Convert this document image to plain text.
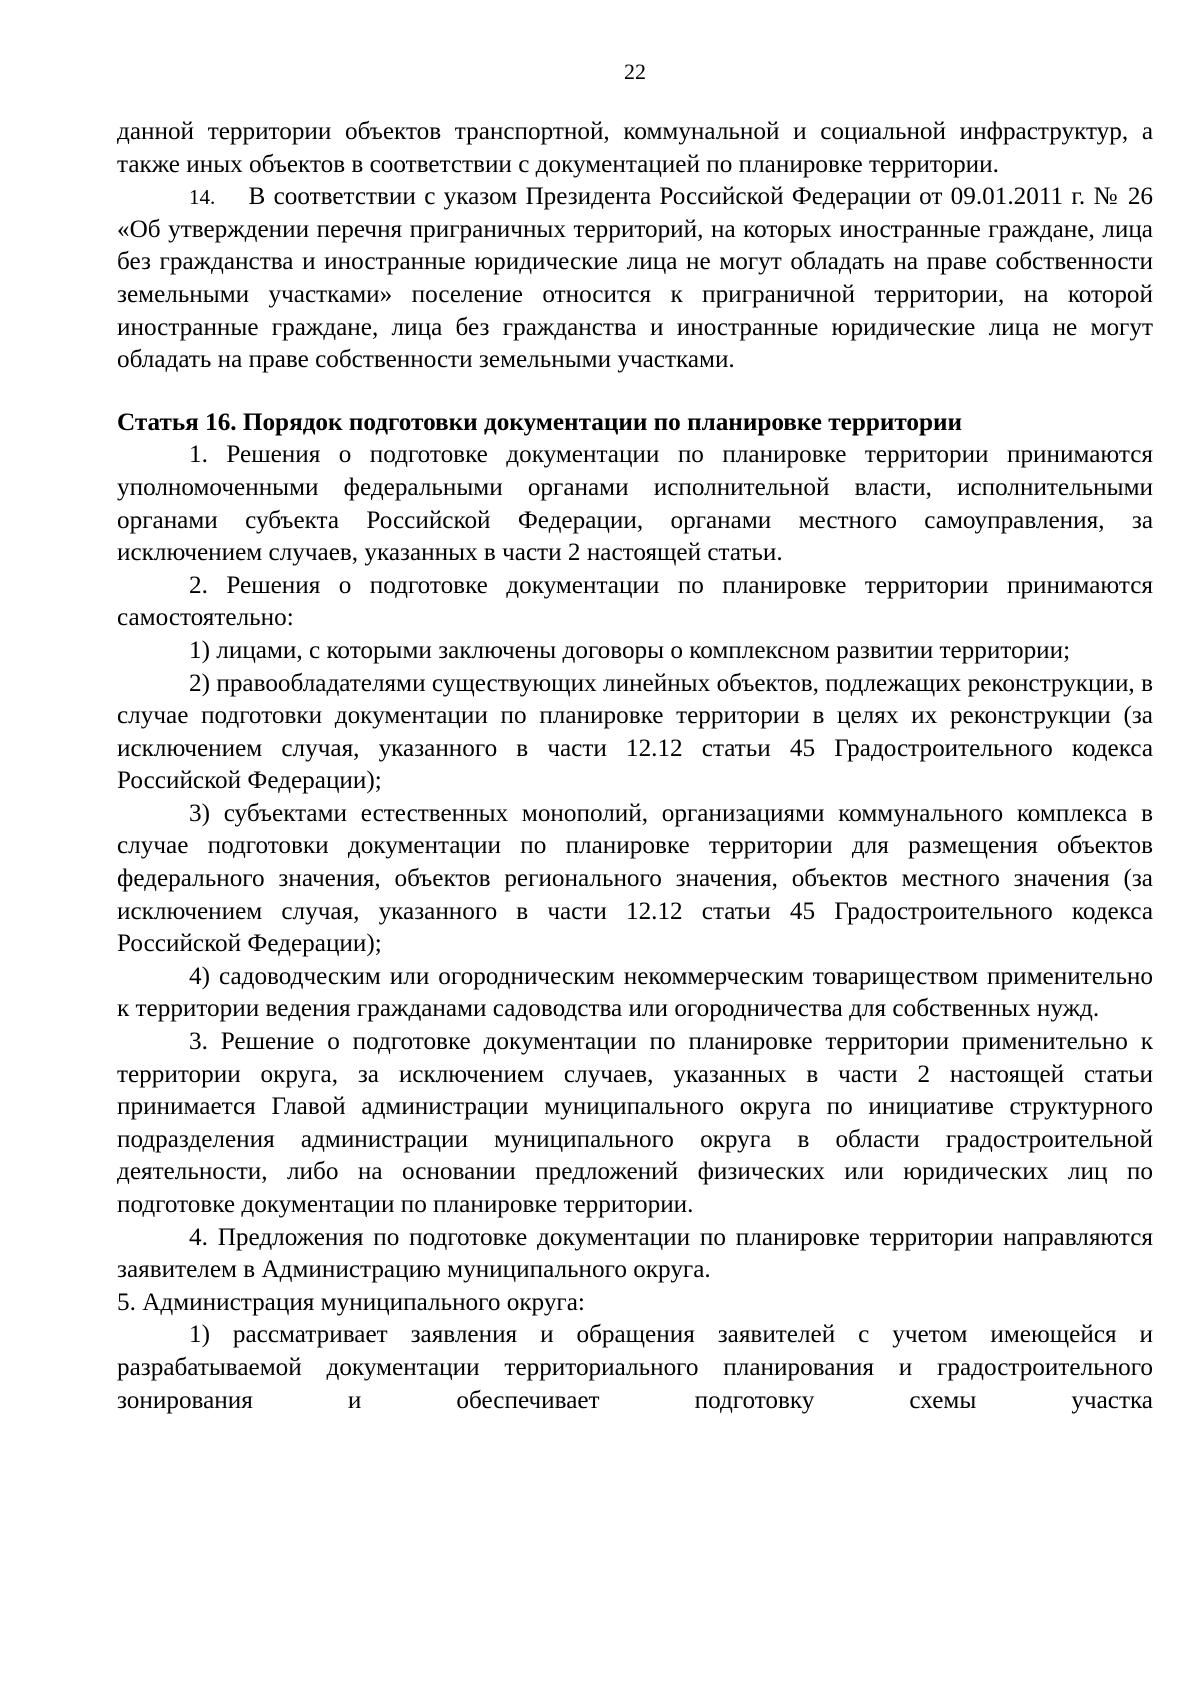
22

данной территории объектов транспортной, коммунальной и социальной инфраструктур, а также иных объектов в соответствии с документацией по планировке территории.

14. В соответствии с указом Президента Российской Федерации от 09.01.2011 г. № 26 «Об утверждении перечня приграничных территорий, на которых иностранные граждане, лица без гражданства и иностранные юридические лица не могут обладать на праве собственности земельными участками» поселение относится к приграничной территории, на которой иностранные граждане, лица без гражданства и иностранные юридические лица не могут обладать на праве собственности земельными участками.

Статья 16. Порядок подготовки документации по планировке территории

1. Решения о подготовке документации по планировке территории принимаются уполномоченными федеральными органами исполнительной власти, исполнительными органами субъекта Российской Федерации, органами местного самоуправления, за исключением случаев, указанных в части 2 настоящей статьи.

2. Решения о подготовке документации по планировке территории принимаются самостоятельно:

1) лицами, с которыми заключены договоры о комплексном развитии территории;

2) правообладателями существующих линейных объектов, подлежащих реконструкции, в случае подготовки документации по планировке территории в целях их реконструкции (за исключением случая, указанного в части 12.12 статьи 45 Градостроительного кодекса Российской Федерации);

3) субъектами естественных монополий, организациями коммунального комплекса в случае подготовки документации по планировке территории для размещения объектов федерального значения, объектов регионального значения, объектов местного значения (за исключением случая, указанного в части 12.12 статьи 45 Градостроительного кодекса Российской Федерации);

4) садоводческим или огородническим некоммерческим товариществом применительно к территории ведения гражданами садоводства или огородничества для собственных нужд.

3. Решение о подготовке документации по планировке территории применительно к территории округа, за исключением случаев, указанных в части 2 настоящей статьи принимается Главой администрации муниципального округа по инициативе структурного подразделения администрации муниципального округа в области градостроительной деятельности, либо на основании предложений физических или юридических лиц по подготовке документации по планировке территории.

4. Предложения по подготовке документации по планировке территории направляются заявителем в Администрацию муниципального округа.

5. Администрация муниципального округа:

1) рассматривает заявления и обращения заявителей с учетом имеющейся и разрабатываемой документации территориального планирования и градостроительного зонирования и обеспечивает подготовку схемы участка
